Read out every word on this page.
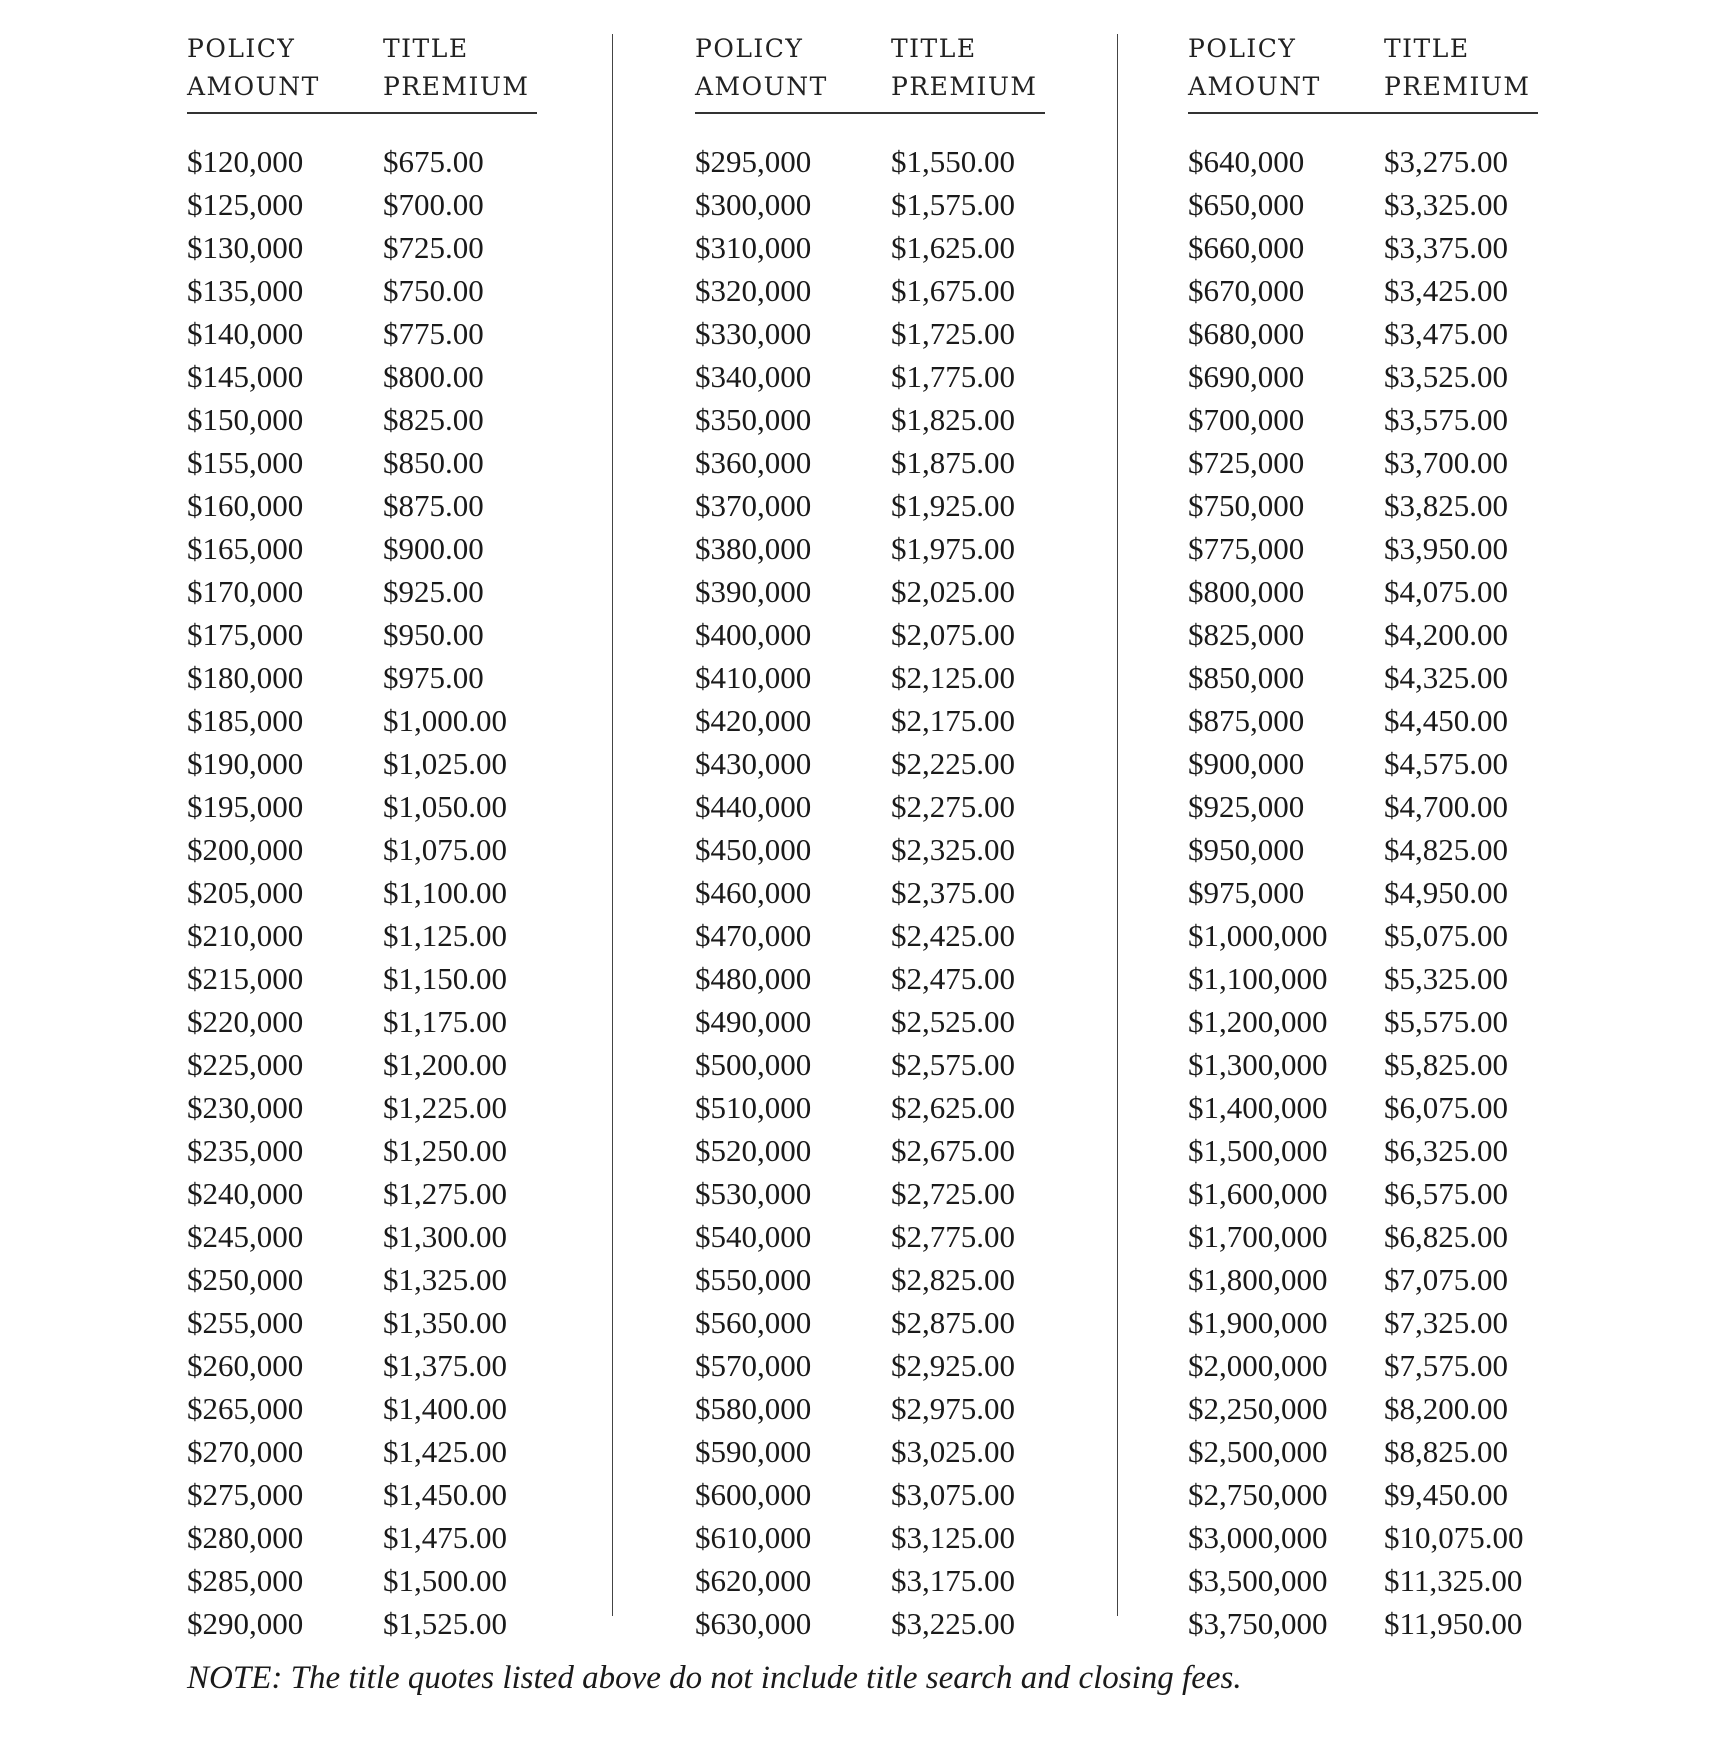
POLICY
AMOUNT
TITLE
PREMIUM
$120,000	$675.00
$125,000	$700.00
$130,000	$725.00
$135,000	$750.00
$140,000	$775.00
$145,000	$800.00
$150,000	$825.00
$155,000	$850.00
$160,000	$875.00
$165,000	$900.00
$170,000	$925.00
$175,000	$950.00
$180,000	$975.00
$185,000	$1,000.00
$190,000	$1,025.00
$195,000	$1,050.00
$200,000	$1,075.00
$205,000	$1,100.00
$210,000	$1,125.00
$215,000	$1,150.00
$220,000	$1,175.00
$225,000	$1,200.00
$230,000	$1,225.00
$235,000	$1,250.00
$240,000	$1,275.00
$245,000	$1,300.00
$250,000	$1,325.00
$255,000	$1,350.00
$260,000	$1,375.00
$265,000	$1,400.00
$270,000	$1,425.00
$275,000	$1,450.00
$280,000	$1,475.00
$285,000	$1,500.00
$290,000	$1,525.00
POLICY
AMOUNT
TITLE
PREMIUM
$295,000	$1,550.00
$300,000	$1,575.00
$310,000	$1,625.00
$320,000	$1,675.00
$330,000	$1,725.00
$340,000	$1,775.00
$350,000	$1,825.00
$360,000	$1,875.00
$370,000	$1,925.00
$380,000	$1,975.00
$390,000	$2,025.00
$400,000	$2,075.00
$410,000	$2,125.00
$420,000	$2,175.00
$430,000	$2,225.00
$440,000	$2,275.00
$450,000	$2,325.00
$460,000	$2,375.00
$470,000	$2,425.00
$480,000	$2,475.00
$490,000	$2,525.00
$500,000	$2,575.00
$510,000	$2,625.00
$520,000	$2,675.00
$530,000	$2,725.00
$540,000	$2,775.00
$550,000	$2,825.00
$560,000	$2,875.00
$570,000	$2,925.00
$580,000	$2,975.00
$590,000	$3,025.00
$600,000	$3,075.00
$610,000	$3,125.00
$620,000	$3,175.00
$630,000	$3,225.00
POLICY
AMOUNT
TITLE
PREMIUM
$640,000	$3,275.00
$650,000	$3,325.00
$660,000	$3,375.00
$670,000	$3,425.00
$680,000	$3,475.00
$690,000	$3,525.00
$700,000	$3,575.00
$725,000	$3,700.00
$750,000	$3,825.00
$775,000	$3,950.00
$800,000	$4,075.00
$825,000	$4,200.00
$850,000	$4,325.00
$875,000	$4,450.00
$900,000	$4,575.00
$925,000	$4,700.00
$950,000	$4,825.00
$975,000	$4,950.00
$1,000,000	$5,075.00
$1,100,000	$5,325.00
$1,200,000	$5,575.00
$1,300,000	$5,825.00
$1,400,000	$6,075.00
$1,500,000	$6,325.00
$1,600,000	$6,575.00
$1,700,000	$6,825.00
$1,800,000	$7,075.00
$1,900,000	$7,325.00
$2,000,000	$7,575.00
$2,250,000	$8,200.00
$2,500,000	$8,825.00
$2,750,000	$9,450.00
$3,000,000	$10,075.00
$3,500,000	$11,325.00
$3,750,000	$11,950.00
NOTE: The title quotes listed above do not include title search and closing fees.
